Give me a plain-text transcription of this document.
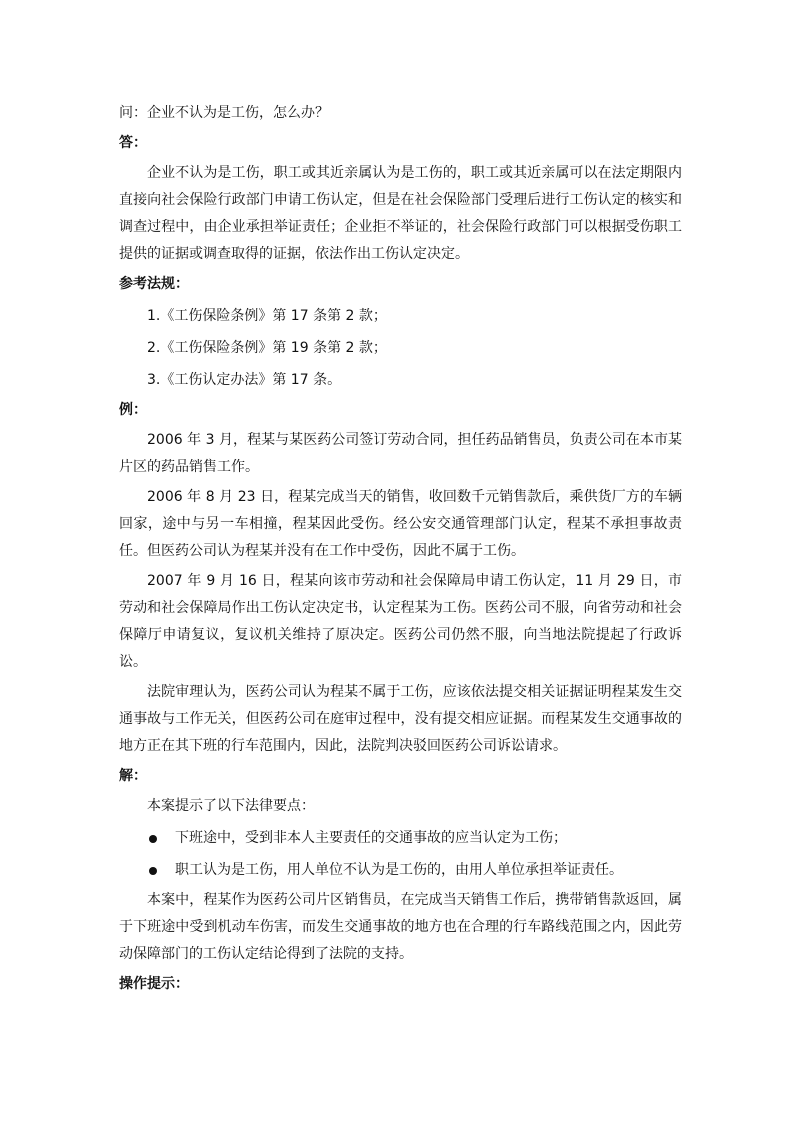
问：企业不认为是工伤，怎么办？

答：

企业不认为是工伤，职工或其近亲属认为是工伤的，职工或其近亲属可以在法定期限内直接向社会保险行政部门申请工伤认定，但是在社会保险部门受理后进行工伤认定的核实和调查过程中，由企业承担举证责任；企业拒不举证的，社会保险行政部门可以根据受伤职工提供的证据或调查取得的证据，依法作出工伤认定决定。

参考法规：

1.《工伤保险条例》第 17 条第 2 款；

2.《工伤保险条例》第 19 条第 2 款；

3.《工伤认定办法》第 17 条。

例：

2006 年 3 月，程某与某医药公司签订劳动合同，担任药品销售员，负责公司在本市某片区的药品销售工作。

2006 年 8 月 23 日，程某完成当天的销售，收回数千元销售款后，乘供货厂方的车辆回家，途中与另一车相撞，程某因此受伤。经公安交通管理部门认定，程某不承担事故责任。但医药公司认为程某并没有在工作中受伤，因此不属于工伤。

2007 年 9 月 16 日，程某向该市劳动和社会保障局申请工伤认定，11 月 29 日，市劳动和社会保障局作出工伤认定决定书，认定程某为工伤。医药公司不服，向省劳动和社会保障厅申请复议，复议机关维持了原决定。医药公司仍然不服，向当地法院提起了行政诉讼。

法院审理认为，医药公司认为程某不属于工伤，应该依法提交相关证据证明程某发生交通事故与工作无关，但医药公司在庭审过程中，没有提交相应证据。而程某发生交通事故的地方正在其下班的行车范围内，因此，法院判决驳回医药公司诉讼请求。

解：

本案提示了以下法律要点：

下班途中，受到非本人主要责任的交通事故的应当认定为工伤；
职工认为是工伤，用人单位不认为是工伤的，由用人单位承担举证责任。

本案中，程某作为医药公司片区销售员，在完成当天销售工作后，携带销售款返回，属于下班途中受到机动车伤害，而发生交通事故的地方也在合理的行车路线范围之内，因此劳动保障部门的工伤认定结论得到了法院的支持。

操作提示：
